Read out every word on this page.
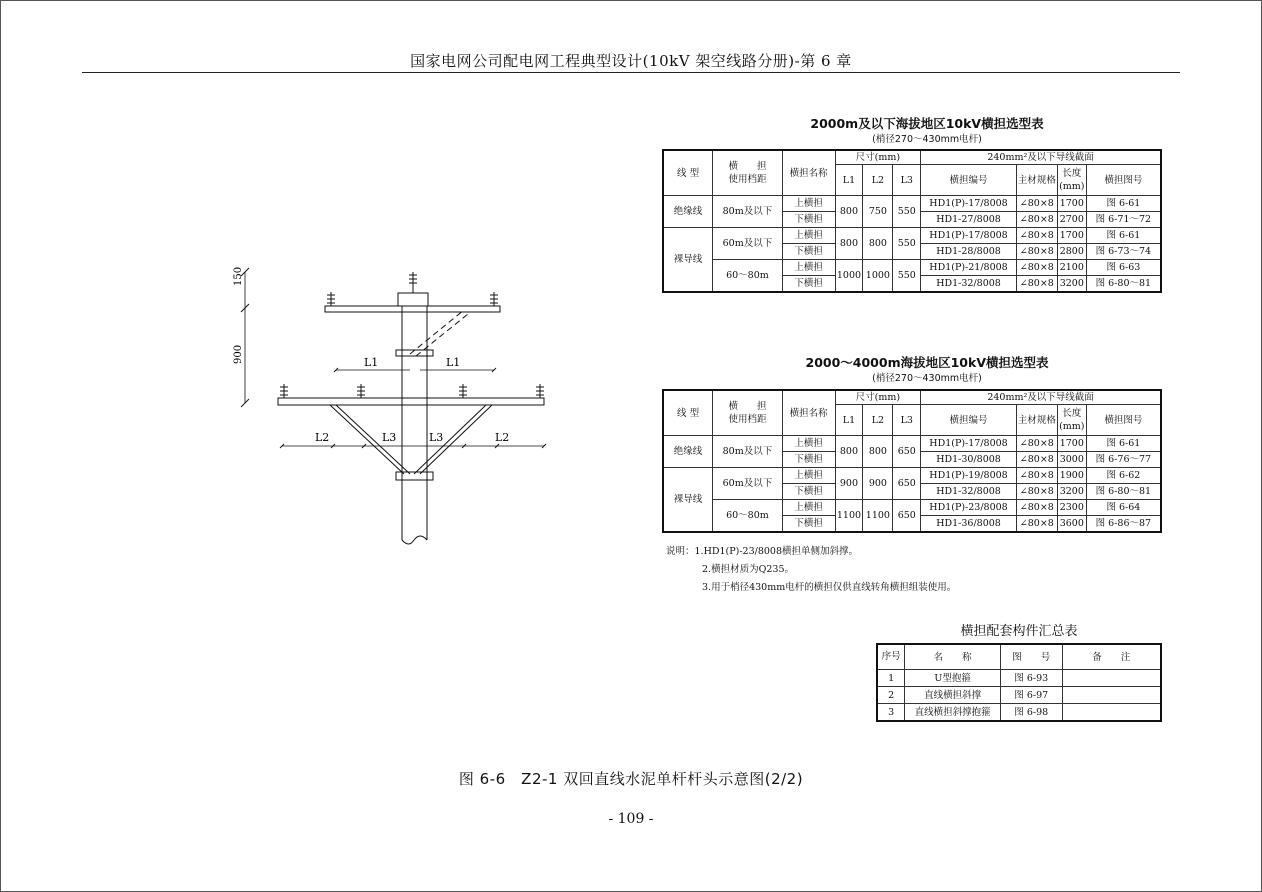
国家电网公司配电网工程典型设计(10kV 架空线路分册)-第 6 章
150
900	L1	L1
L2	L3	L3	L2
2000m及以下海拔地区10kV横担选型表
(梢径270～430mm电杆)
线 型	横　　担
使用档距	横担名称	尺寸(mm)			240mm²及以下导线截面			
			L1	L2	L3	横担编号	主材规格	长度
(mm)	横担图号
绝缘线	80m及以下	上横担	800	750	550	HD1(P)-17/8008	∠80×8	1700	图 6-61
		下横担				HD1-27/8008	∠80×8	2700	图 6-71～72
裸导线	60m及以下	上横担	800	800	550	HD1(P)-17/8008	∠80×8	1700	图 6-61
		下横担				HD1-28/8008	∠80×8	2800	图 6-73～74
	60～80m	上横担	1000	1000	550	HD1(P)-21/8008	∠80×8	2100	图 6-63
		下横担				HD1-32/8008	∠80×8	3200	图 6-80～81
2000～4000m海拔地区10kV横担选型表
(梢径270～430mm电杆)
线 型	横　　担
使用档距	横担名称	尺寸(mm)			240mm²及以下导线截面			
			L1	L2	L3	横担编号	主材规格	长度
(mm)	横担图号
绝缘线	80m及以下	上横担	800	800	650	HD1(P)-17/8008	∠80×8	1700	图 6-61
		下横担				HD1-30/8008	∠80×8	3000	图 6-76～77
裸导线	60m及以下	上横担	900	900	650	HD1(P)-19/8008	∠80×8	1900	图 6-62
		下横担				HD1-32/8008	∠80×8	3200	图 6-80～81
	60～80m	上横担	1100	1100	650	HD1(P)-23/8008	∠80×8	2300	图 6-64
		下横担				HD1-36/8008	∠80×8	3600	图 6-86～87
说明：1.HD1(P)-23/8008横担单侧加斜撑。
2.横担材质为Q235。
3.用于梢径430mm电杆的横担仅供直线转角横担组装使用。
横担配套构件汇总表
序号	名　　称	图　　号	备　　注
1	U型抱箍	图 6-93	
2	直线横担斜撑	图 6-97	
3	直线横担斜撑抱箍	图 6-98	
图 6-6　Z2-1 双回直线水泥单杆杆头示意图(2/2)
- 109 -
